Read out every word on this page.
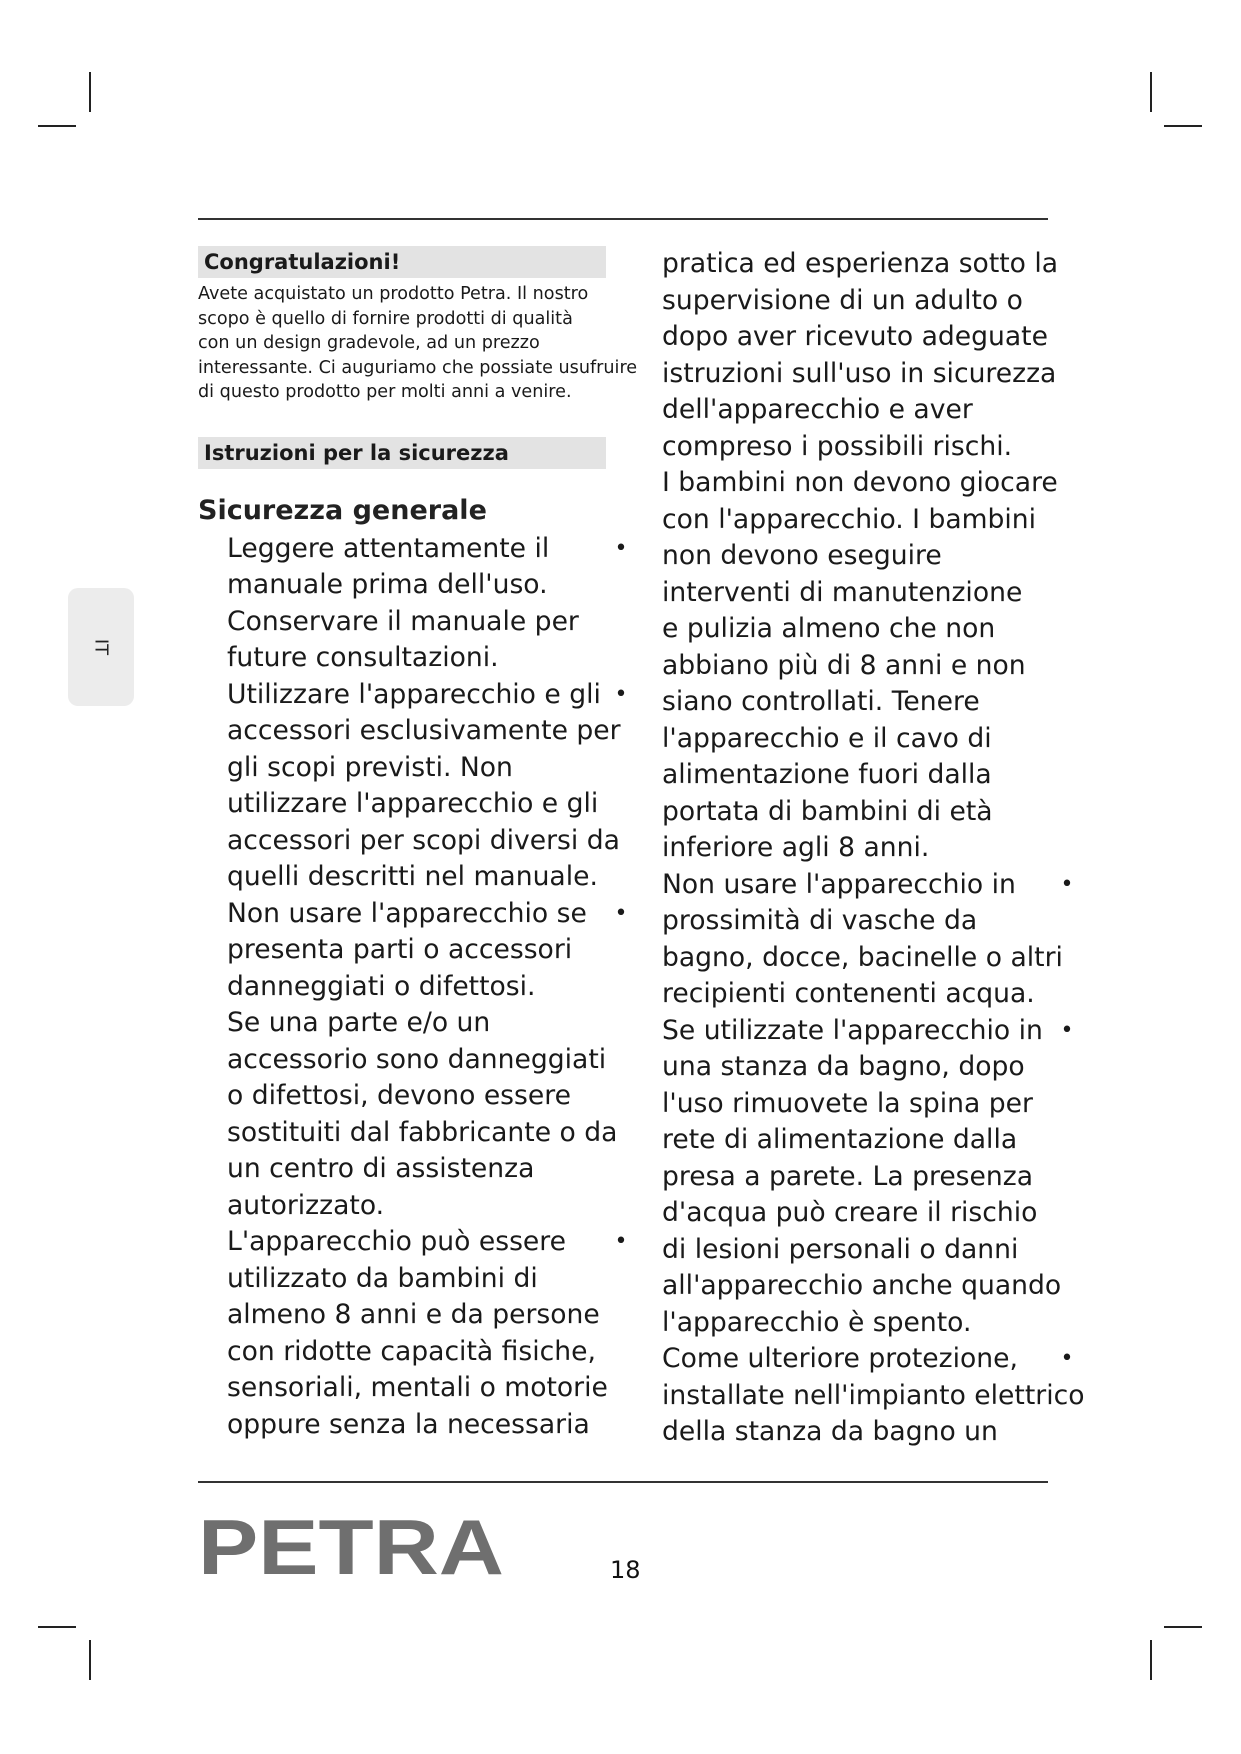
IT
Congratulazioni!
Avete acquistato un prodotto Petra. Il nostro
scopo è quello di fornire prodotti di qualità
con un design gradevole, ad un prezzo
interessante. Ci auguriamo che possiate usufruire
di questo prodotto per molti anni a venire.
Istruzioni per la sicurezza
Sicurezza generale
•
Leggere attentamente il
manuale prima dell'uso.
Conservare il manuale per
future consultazioni.
•
Utilizzare l'apparecchio e gli
accessori esclusivamente per
gli scopi previsti. Non
utilizzare l'apparecchio e gli
accessori per scopi diversi da
quelli descritti nel manuale.
•
Non usare l'apparecchio se
presenta parti o accessori
danneggiati o difettosi.
Se una parte e/o un
accessorio sono danneggiati
o difettosi, devono essere
sostituiti dal fabbricante o da
un centro di assistenza
autorizzato.
•
L'apparecchio può essere
utilizzato da bambini di
almeno 8 anni e da persone
con ridotte capacità fisiche,
sensoriali, mentali o motorie
oppure senza la necessaria
pratica ed esperienza sotto la
supervisione di un adulto o
dopo aver ricevuto adeguate
istruzioni sull'uso in sicurezza
dell'apparecchio e aver
compreso i possibili rischi.
I bambini non devono giocare
con l'apparecchio. I bambini
non devono eseguire
interventi di manutenzione
e pulizia almeno che non
abbiano più di 8 anni e non
siano controllati. Tenere
l'apparecchio e il cavo di
alimentazione fuori dalla
portata di bambini di età
inferiore agli 8 anni.
•
Non usare l'apparecchio in
prossimità di vasche da
bagno, docce, bacinelle o altri
recipienti contenenti acqua.
•
Se utilizzate l'apparecchio in
una stanza da bagno, dopo
l'uso rimuovete la spina per
rete di alimentazione dalla
presa a parete. La presenza
d'acqua può creare il rischio
di lesioni personali o danni
all'apparecchio anche quando
l'apparecchio è spento.
•
Come ulteriore protezione,
installate nell'impianto elettrico
della stanza da bagno un
PETRA	18
